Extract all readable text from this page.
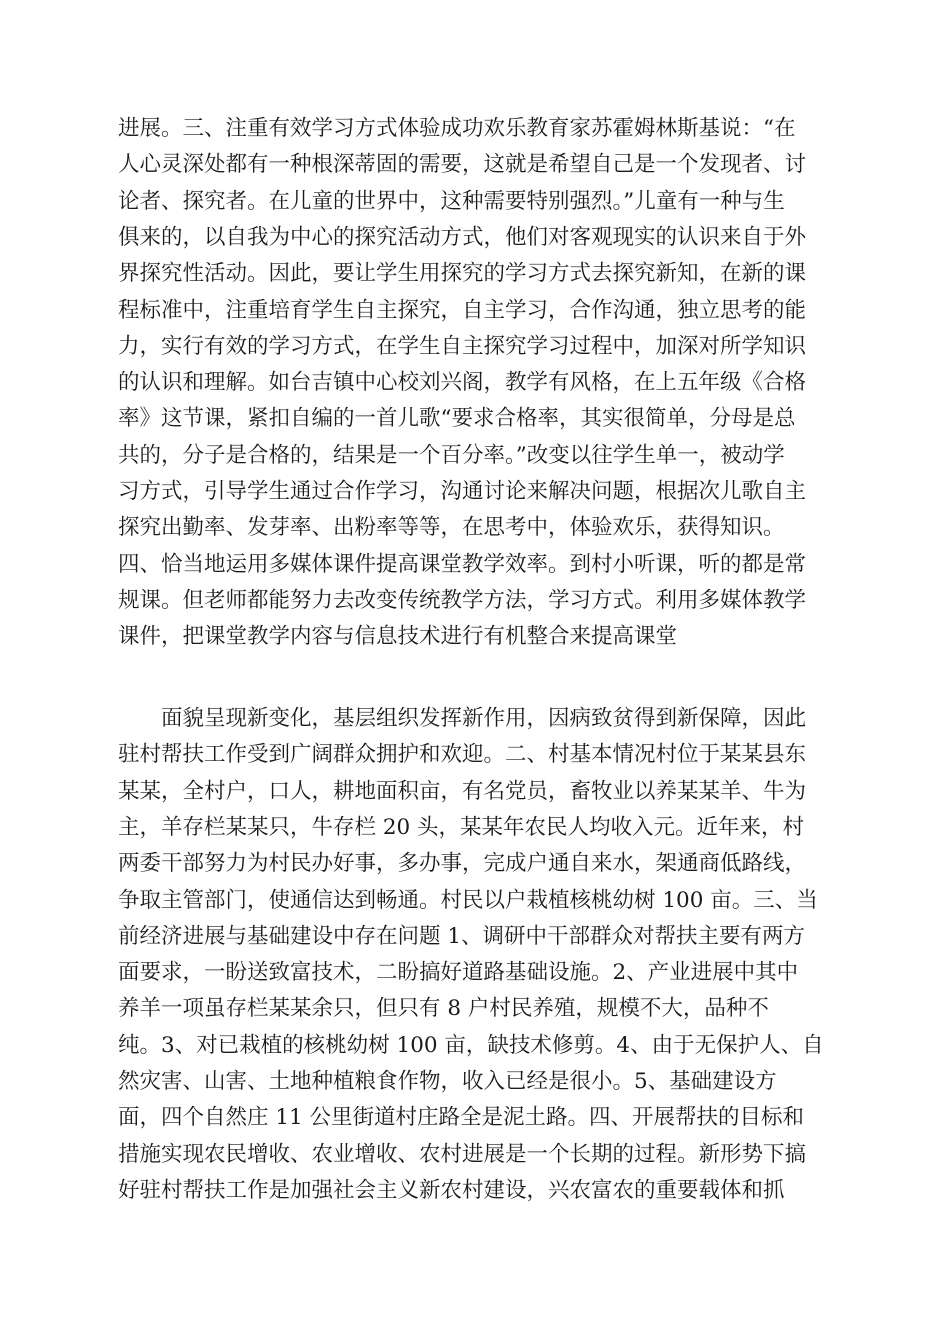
进展。三、注重有效学习方式体验成功欢乐教育家苏霍姆林斯基说：“在
人心灵深处都有一种根深蒂固的需要，这就是希望自己是一个发现者、讨
论者、探究者。在儿童的世界中，这种需要特别强烈。”儿童有一种与生
俱来的，以自我为中心的探究活动方式，他们对客观现实的认识来自于外
界探究性活动。因此，要让学生用探究的学习方式去探究新知，在新的课
程标准中，注重培育学生自主探究，自主学习，合作沟通，独立思考的能
力，实行有效的学习方式，在学生自主探究学习过程中，加深对所学知识
的认识和理解。如台吉镇中心校刘兴阁，教学有风格，在上五年级《合格
率》这节课，紧扣自编的一首儿歌“要求合格率，其实很简单，分母是总
共的，分子是合格的，结果是一个百分率。”改变以往学生单一，被动学
习方式，引导学生通过合作学习，沟通讨论来解决问题，根据次儿歌自主
探究出勤率、发芽率、出粉率等等，在思考中，体验欢乐，获得知识。
四、恰当地运用多媒体课件提高课堂教学效率。到村小听课，听的都是常
规课。但老师都能努力去改变传统教学方法，学习方式。利用多媒体教学
课件，把课堂教学内容与信息技术进行有机整合来提高课堂
　　面貌呈现新变化，基层组织发挥新作用，因病致贫得到新保障，因此
驻村帮扶工作受到广阔群众拥护和欢迎。二、村基本情况村位于某某县东
某某，全村户，口人，耕地面积亩，有名党员，畜牧业以养某某羊、牛为
主，羊存栏某某只，牛存栏 20 头，某某年农民人均收入元。近年来，村
两委干部努力为村民办好事，多办事，完成户通自来水，架通商低路线，
争取主管部门，使通信达到畅通。村民以户栽植核桃幼树 100 亩。三、当
前经济进展与基础建设中存在问题 1、调研中干部群众对帮扶主要有两方
面要求，一盼送致富技术，二盼搞好道路基础设施。2、产业进展中其中
养羊一项虽存栏某某余只，但只有 8 户村民养殖，规模不大，品种不
纯。3、对已栽植的核桃幼树 100 亩，缺技术修剪。4、由于无保护人、自
然灾害、山害、土地种植粮食作物，收入已经是很小。5、基础建设方
面，四个自然庄 11 公里街道村庄路全是泥土路。四、开展帮扶的目标和
措施实现农民增收、农业增收、农村进展是一个长期的过程。新形势下搞
好驻村帮扶工作是加强社会主义新农村建设，兴农富农的重要载体和抓
